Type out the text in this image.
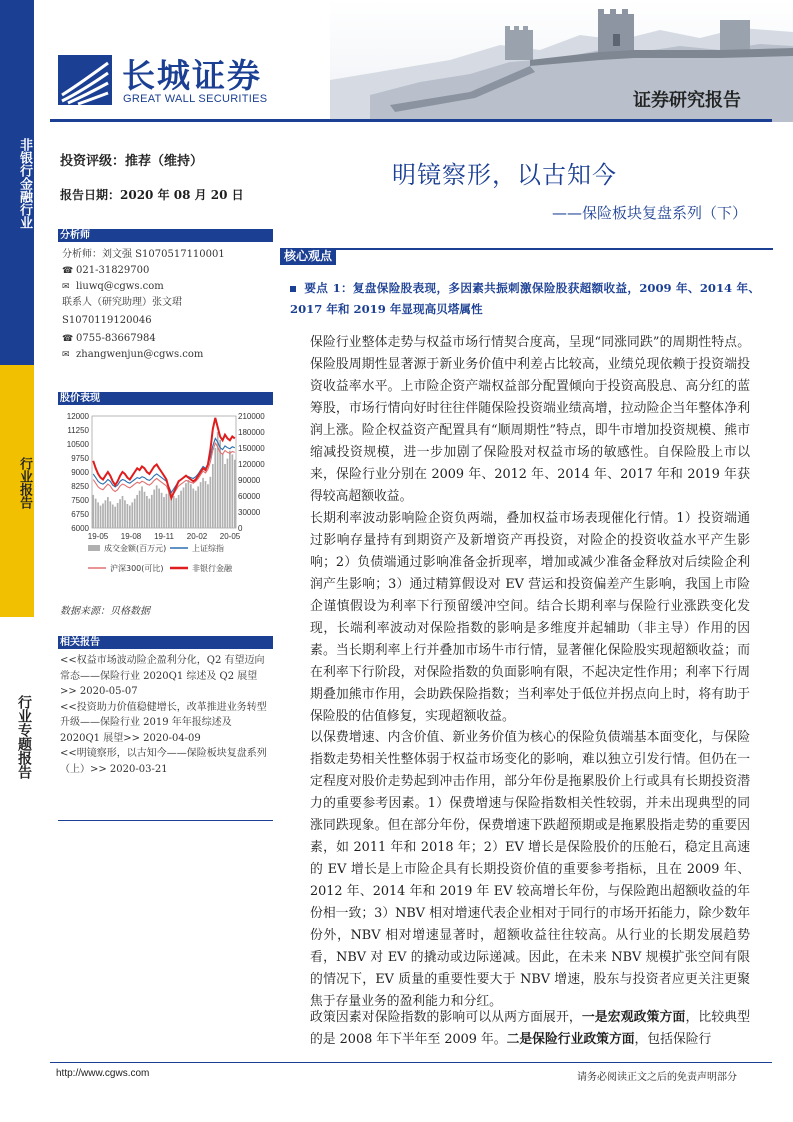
长城证券
GREAT WALL SECURITIES	证券研究报告
非银行金融行业
行业报告
行业专题报告
投资评级：推荐（维持）
报告日期：2020 年 08 月 20 日
分析师
分析师：刘文强 S1070517110001
☎ 021-31829700
✉ liuwq@cgws.com
联系人（研究助理）张文珺
S1070119120046
☎ 0755-83667984
✉ zhangwenjun@cgws.com
股价表现
6000
6750
7500
8250
9000
9750
10500
11250
12000
0
30000
60000
90000
120000
150000
180000
210000
19-05 19-08 19-11 20-02 20-05
成交金额(百万元)	上证综指
沪深300(可比)	非银行金融
数据来源：贝格数据
相关报告
<<权益市场波动险企盈利分化，Q2 有望迈向常态——保险行业 2020Q1 综述及 Q2 展望>> 2020-05-07
<<投资助力价值稳健增长，改革推进业务转型升级——保险行业 2019 年年报综述及 2020Q1 展望>> 2020-04-09
<<明镜察形，以古知今——保险板块复盘系列（上）>> 2020-03-21
明镜察形，以古知今
——保险板块复盘系列（下）
核心观点
要点 1：复盘保险股表现，多因素共振刺激保险股获超额收益，2009 年、2014 年、2017 年和 2019 年显现高贝塔属性

保险行业整体走势与权益市场行情契合度高，呈现“同涨同跌”的周期性特点。保险股周期性显著源于新业务价值中利差占比较高，业绩兑现依赖于投资端投资收益率水平。上市险企资产端权益部分配置倾向于投资高股息、高分红的蓝筹股，市场行情向好时往往伴随保险投资端业绩高增，拉动险企当年整体净利润上涨。险企权益资产配置具有“顺周期性”特点，即牛市增加投资规模、熊市缩减投资规模，进一步加剧了保险股对权益市场的敏感性。自保险股上市以来，保险行业分别在 2009 年、2012 年、2014 年、2017 年和 2019 年获得较高超额收益。

长期利率波动影响险企资负两端，叠加权益市场表现催化行情。1）投资端通过影响存量持有到期资产及新增资产再投资，对险企的投资收益水平产生影响；2）负债端通过影响准备金折现率，增加或减少准备金释放对后续险企利润产生影响；3）通过精算假设对 EV 营运和投资偏差产生影响，我国上市险企谨慎假设为利率下行预留缓冲空间。结合长期利率与保险行业涨跌变化发现，长端利率波动对保险指数的影响是多维度并起辅助（非主导）作用的因素。当长期利率上行并叠加市场牛市行情，显著催化保险股实现超额收益；而在利率下行阶段，对保险指数的负面影响有限，不起决定性作用；利率下行周期叠加熊市作用，会助跌保险指数；当利率处于低位并拐点向上时，将有助于保险股的估值修复，实现超额收益。

以保费增速、内含价值、新业务价值为核心的保险负债端基本面变化，与保险指数走势相关性整体弱于权益市场变化的影响，难以独立引发行情。但仍在一定程度对股价走势起到冲击作用，部分年份是拖累股价上行或具有长期投资潜力的重要参考因素。1）保费增速与保险指数相关性较弱，并未出现典型的同涨同跌现象。但在部分年份，保费增速下跌超预期或是拖累股指走势的重要因素，如 2011 年和 2018 年；2）EV 增长是保险股价的压舱石，稳定且高速的 EV 增长是上市险企具有长期投资价值的重要参考指标，且在 2009 年、2012 年、2014 年和 2019 年 EV 较高增长年份，与保险跑出超额收益的年份相一致；3）NBV 相对增速代表企业相对于同行的市场开拓能力，除少数年份外，NBV 相对增速显著时，超额收益往往较高。从行业的长期发展趋势看，NBV 对 EV 的撬动或边际递减。因此，在未来 NBV 规模扩张空间有限的情况下，EV 质量的重要性要大于 NBV 增速，股东与投资者应更关注更聚焦于存量业务的盈利能力和分红。

政策因素对保险指数的影响可以从两方面展开，一是宏观政策方面，比较典型的是 2008 年下半年至 2009 年。二是保险行业政策方面，包括保险行

http://www.cgws.com	请务必阅读正文之后的免责声明部分
